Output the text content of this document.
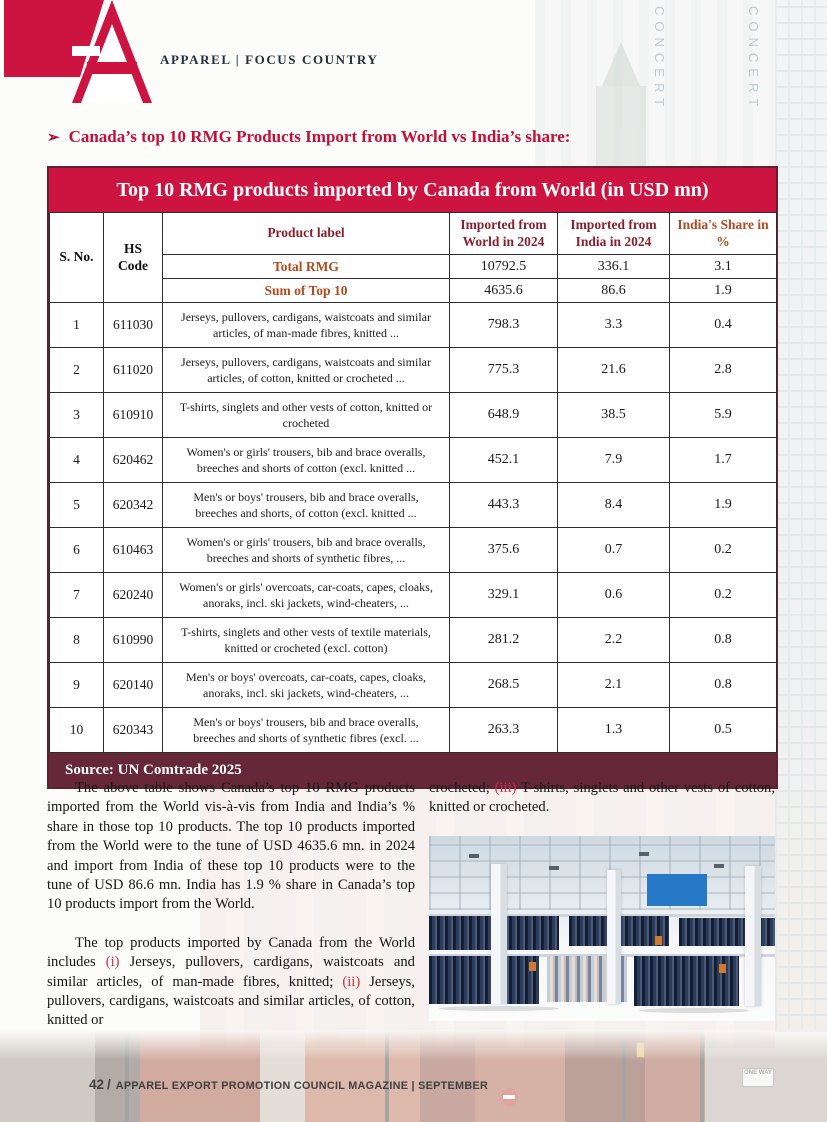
CONCERT	CONCERT
ONE WAY
APPAREL | FOCUS COUNTRY
➢ Canada’s top 10 RMG Products Import from World vs India’s share:
Top 10 RMG products imported by Canada from World (in USD mn)
S. No.	HS Code	Product label	Imported from World in 2024	Imported from India in 2024	India's Share in %
		Total RMG	10792.5	336.1	3.1
		Sum of Top 10	4635.6	86.6	1.9
1	611030	Jerseys, pullovers, cardigans, waistcoats and similar articles, of man-made fibres, knitted ...	798.3	3.3	0.4
2	611020	Jerseys, pullovers, cardigans, waistcoats and similar articles, of cotton, knitted or crocheted ...	775.3	21.6	2.8
3	610910	T-shirts, singlets and other vests of cotton, knitted or crocheted	648.9	38.5	5.9
4	620462	Women's or girls' trousers, bib and brace overalls, breeches and shorts of cotton (excl. knitted ...	452.1	7.9	1.7
5	620342	Men's or boys' trousers, bib and brace overalls, breeches and shorts, of cotton (excl. knitted ...	443.3	8.4	1.9
6	610463	Women's or girls' trousers, bib and brace overalls, breeches and shorts of synthetic fibres, ...	375.6	0.7	0.2
7	620240	Women's or girls' overcoats, car-coats, capes, cloaks, anoraks, incl. ski jackets, wind-cheaters, ...	329.1	0.6	0.2
8	610990	T-shirts, singlets and other vests of textile materials, knitted or crocheted (excl. cotton)	281.2	2.2	0.8
9	620140	Men's or boys' overcoats, car-coats, capes, cloaks, anoraks, incl. ski jackets, wind-cheaters, ...	268.5	2.1	0.8
10	620343	Men's or boys' trousers, bib and brace overalls, breeches and shorts of synthetic fibres (excl. ...	263.3	1.3	0.5
Source: UN Comtrade 2025

The above table shows Canada’s top 10 RMG products imported from the World vis-à-vis from India and India’s % share in those top 10 products. The top 10 products imported from the World were to the tune of USD 4635.6 mn. in 2024 and import from India of these top 10 products were to the tune of USD 86.6 mn. India has 1.9 % share in Canada’s top 10 products import from the World.

The top products imported by Canada from the World includes (i) Jerseys, pullovers, cardigans, waistcoats and similar articles, of man-made fibres, knitted; (ii) Jerseys, pullovers, cardigans, waistcoats and similar articles, of cotton, knitted or

crocheted; (iii) T-shirts, singlets and other vests of cotton, knitted or crocheted.

42 / APPAREL EXPORT PROMOTION COUNCIL MAGAZINE | SEPTEMBER
